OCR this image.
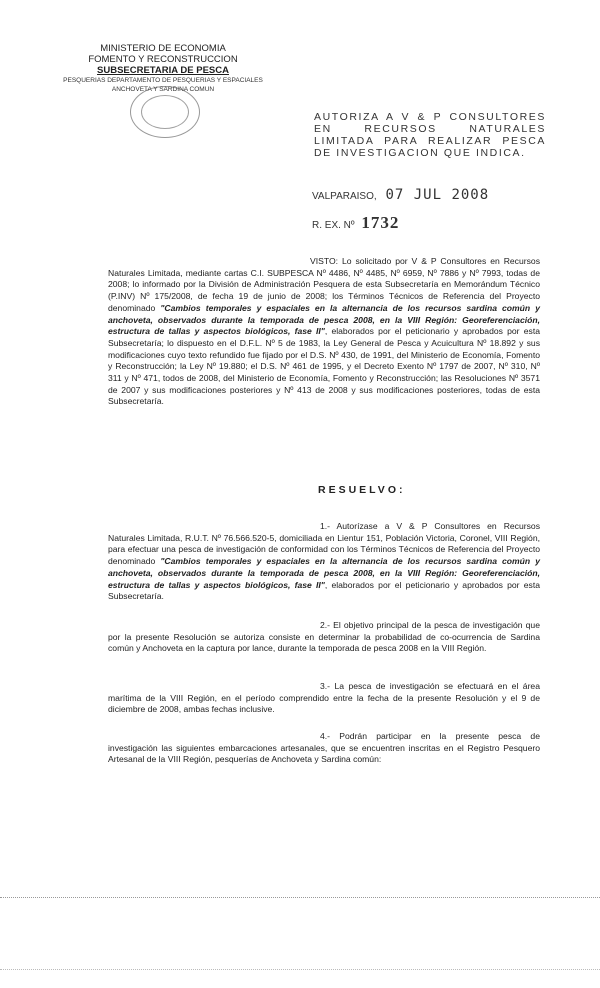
MINISTERIO DE ECONOMIA
FOMENTO Y RECONSTRUCCION
SUBSECRETARIA DE PESCA
PESQUERIAS DEPARTAMENTO DE PESQUERIAS Y ESPACIALES
ANCHOVETA Y SARDINA COMUN
AUTORIZA A V & P CONSULTORES EN RECURSOS NATURALES LIMITADA PARA REALIZAR PESCA DE INVESTIGACION QUE INDICA.
VALPARAISO, 07 JUL 2008
R. EX. Nº 1732
VISTO: Lo solicitado por V & P Consultores en Recursos Naturales Limitada, mediante cartas C.I. SUBPESCA Nº 4486, Nº 4485, Nº 6959, Nº 7886 y Nº 7993, todas de 2008; lo informado por la División de Administración Pesquera de esta Subsecretaría en Memorándum Técnico (P.INV) Nº 175/2008, de fecha 19 de junio de 2008; los Términos Técnicos de Referencia del Proyecto denominado "Cambios temporales y espaciales en la alternancia de los recursos sardina común y anchoveta, observados durante la temporada de pesca 2008, en la VIII Región: Georeferenciación, estructura de tallas y aspectos biológicos, fase II", elaborados por el peticionario y aprobados por esta Subsecretaría; lo dispuesto en el D.F.L. Nº 5 de 1983, la Ley General de Pesca y Acuicultura Nº 18.892 y sus modificaciones cuyo texto refundido fue fijado por el D.S. Nº 430, de 1991, del Ministerio de Economía, Fomento y Reconstrucción; la Ley Nº 19.880; el D.S. Nº 461 de 1995, y el Decreto Exento Nº 1797 de 2007, Nº 310, Nº 311 y Nº 471, todos de 2008, del Ministerio de Economía, Fomento y Reconstrucción; las Resoluciones Nº 3571 de 2007 y sus modificaciones posteriores y Nº 413 de 2008 y sus modificaciones posteriores, todas de esta Subsecretaría.
RESUELVO:
1.- Autorízase a V & P Consultores en Recursos Naturales Limitada, R.U.T. Nº 76.566.520-5, domiciliada en Lientur 151, Población Victoria, Coronel, VIII Región, para efectuar una pesca de investigación de conformidad con los Términos Técnicos de Referencia del Proyecto denominado "Cambios temporales y espaciales en la alternancia de los recursos sardina común y anchoveta, observados durante la temporada de pesca 2008, en la VIII Región: Georeferenciación, estructura de tallas y aspectos biológicos, fase II", elaborados por el peticionario y aprobados por esta Subsecretaría.
2.- El objetivo principal de la pesca de investigación que por la presente Resolución se autoriza consiste en determinar la probabilidad de co-ocurrencia de Sardina común y Anchoveta en la captura por lance, durante la temporada de pesca 2008 en la VIII Región.
3.- La pesca de investigación se efectuará en el área marítima de la VIII Región, en el período comprendido entre la fecha de la presente Resolución y el 9 de diciembre de 2008, ambas fechas inclusive.
4.- Podrán participar en la presente pesca de investigación las siguientes embarcaciones artesanales, que se encuentren inscritas en el Registro Pesquero Artesanal de la VIII Región, pesquerías de Anchoveta y Sardina común:
